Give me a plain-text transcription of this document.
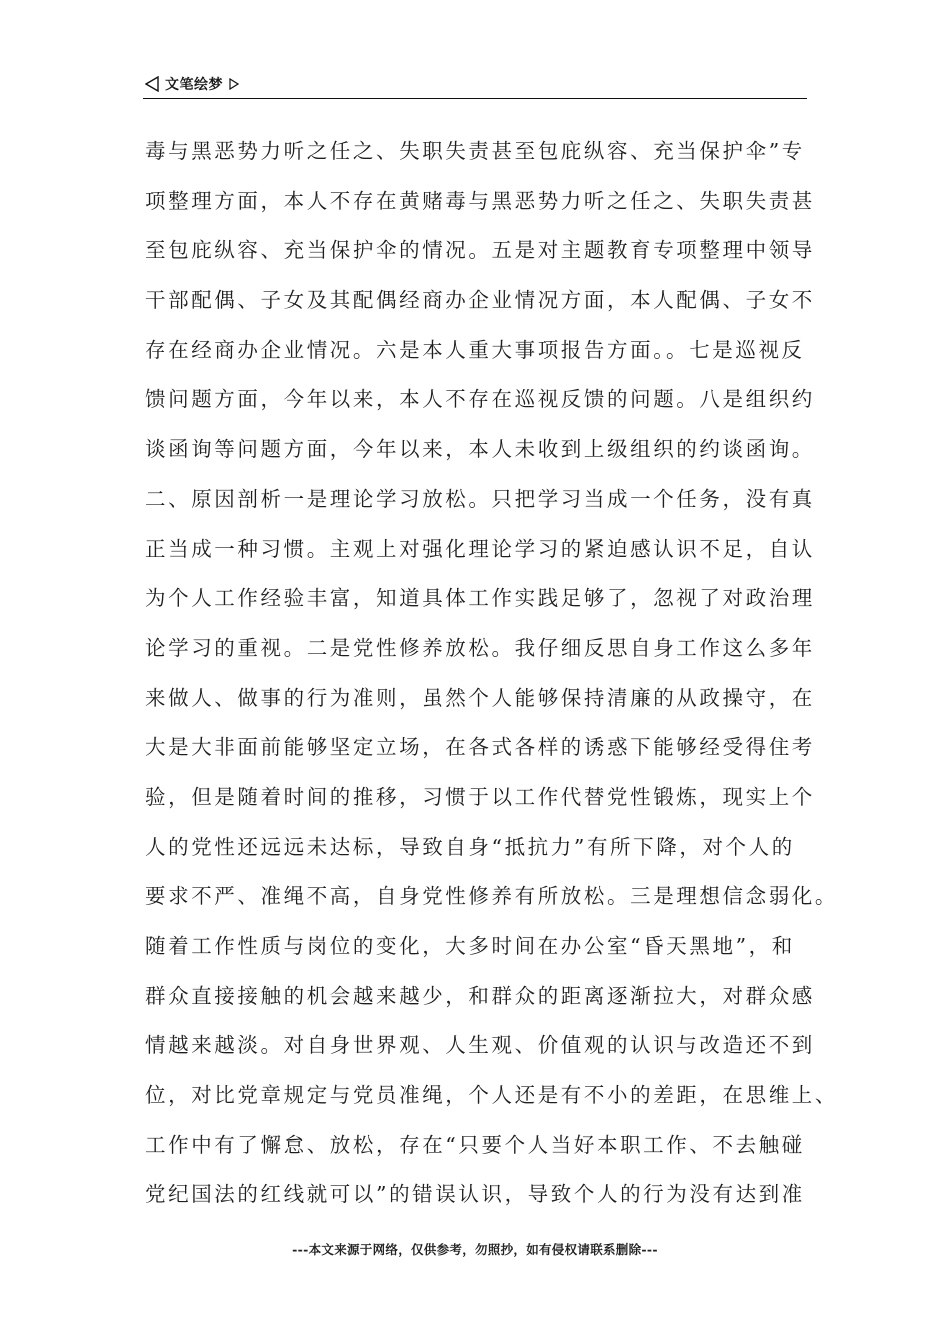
文笔绘梦
毒与黑恶势力听之任之、失职失责甚至包庇纵容、充当保护伞”专
项整理方面，本人不存在黄赌毒与黑恶势力听之任之、失职失责甚
至包庇纵容、充当保护伞的情况。五是对主题教育专项整理中领导
干部配偶、子女及其配偶经商办企业情况方面，本人配偶、子女不
存在经商办企业情况。六是本人重大事项报告方面。。七是巡视反
馈问题方面，今年以来，本人不存在巡视反馈的问题。八是组织约
谈函询等问题方面，今年以来，本人未收到上级组织的约谈函询。
二、原因剖析一是理论学习放松。只把学习当成一个任务，没有真
正当成一种习惯。主观上对强化理论学习的紧迫感认识不足，自认
为个人工作经验丰富，知道具体工作实践足够了，忽视了对政治理
论学习的重视。二是党性修养放松。我仔细反思自身工作这么多年
来做人、做事的行为准则，虽然个人能够保持清廉的从政操守，在
大是大非面前能够坚定立场，在各式各样的诱惑下能够经受得住考
验，但是随着时间的推移，习惯于以工作代替党性锻炼，现实上个
人的党性还远远未达标，导致自身“抵抗力”有所下降，对个人的
要求不严、准绳不高，自身党性修养有所放松。三是理想信念弱化。
随着工作性质与岗位的变化，大多时间在办公室“昏天黑地”，和
群众直接接触的机会越来越少，和群众的距离逐渐拉大，对群众感
情越来越淡。对自身世界观、人生观、价值观的认识与改造还不到
位，对比党章规定与党员准绳，个人还是有不小的差距，在思维上、
工作中有了懈怠、放松，存在“只要个人当好本职工作、不去触碰
党纪国法的红线就可以”的错误认识，导致个人的行为没有达到准
---本文来源于网络，仅供参考，勿照抄，如有侵权请联系删除---
